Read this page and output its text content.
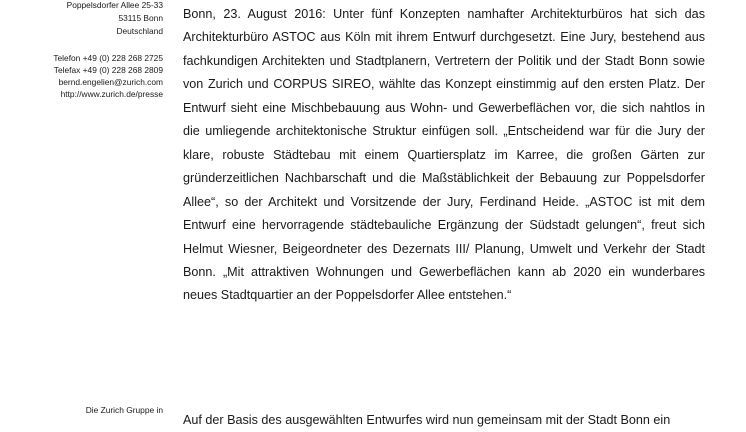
Poppelsdorfer Allee 25-33
53115 Bonn
Deutschland
Telefon +49 (0) 228 268 2725
Telefax +49 (0) 228 268 2809
bernd.engelien@zurich.com
http://www.zurich.de/presse
Die Zurich Gruppe in

Bonn, 23. August 2016: Unter fünf Konzepten namhafter Architekturbüros hat sich das Architekturbüro ASTOC aus Köln mit ihrem Entwurf durchgesetzt. Eine Jury, bestehend aus fachkundigen Architekten und Stadtplanern, Vertretern der Politik und der Stadt Bonn sowie von Zurich und CORPUS SIREO, wählte das Konzept einstimmig auf den ersten Platz. Der Entwurf sieht eine Mischbebauung aus Wohn- und Gewerbeflächen vor, die sich nahtlos in die umliegende architektonische Struktur einfügen soll. „Entscheidend war für die Jury der klare, robuste Städtebau mit einem Quartiersplatz im Karree, die großen Gärten zur gründerzeitlichen Nachbarschaft und die Maßstäblichkeit der Bebauung zur Poppelsdorfer Allee“, so der Architekt und Vorsitzende der Jury, Ferdinand Heide. „ASTOC ist mit dem Entwurf eine hervorragende städtebauliche Ergänzung der Südstadt gelungen“, freut sich Helmut Wiesner, Beigeordneter des Dezernats III/ Planung, Umwelt und Verkehr der Stadt Bonn. „Mit attraktiven Wohnungen und Gewerbeflächen kann ab 2020 ein wunderbares neues Stadtquartier an der Poppelsdorfer Allee entstehen.“

Auf der Basis des ausgewählten Entwurfes wird nun gemeinsam mit der Stadt Bonn ein
